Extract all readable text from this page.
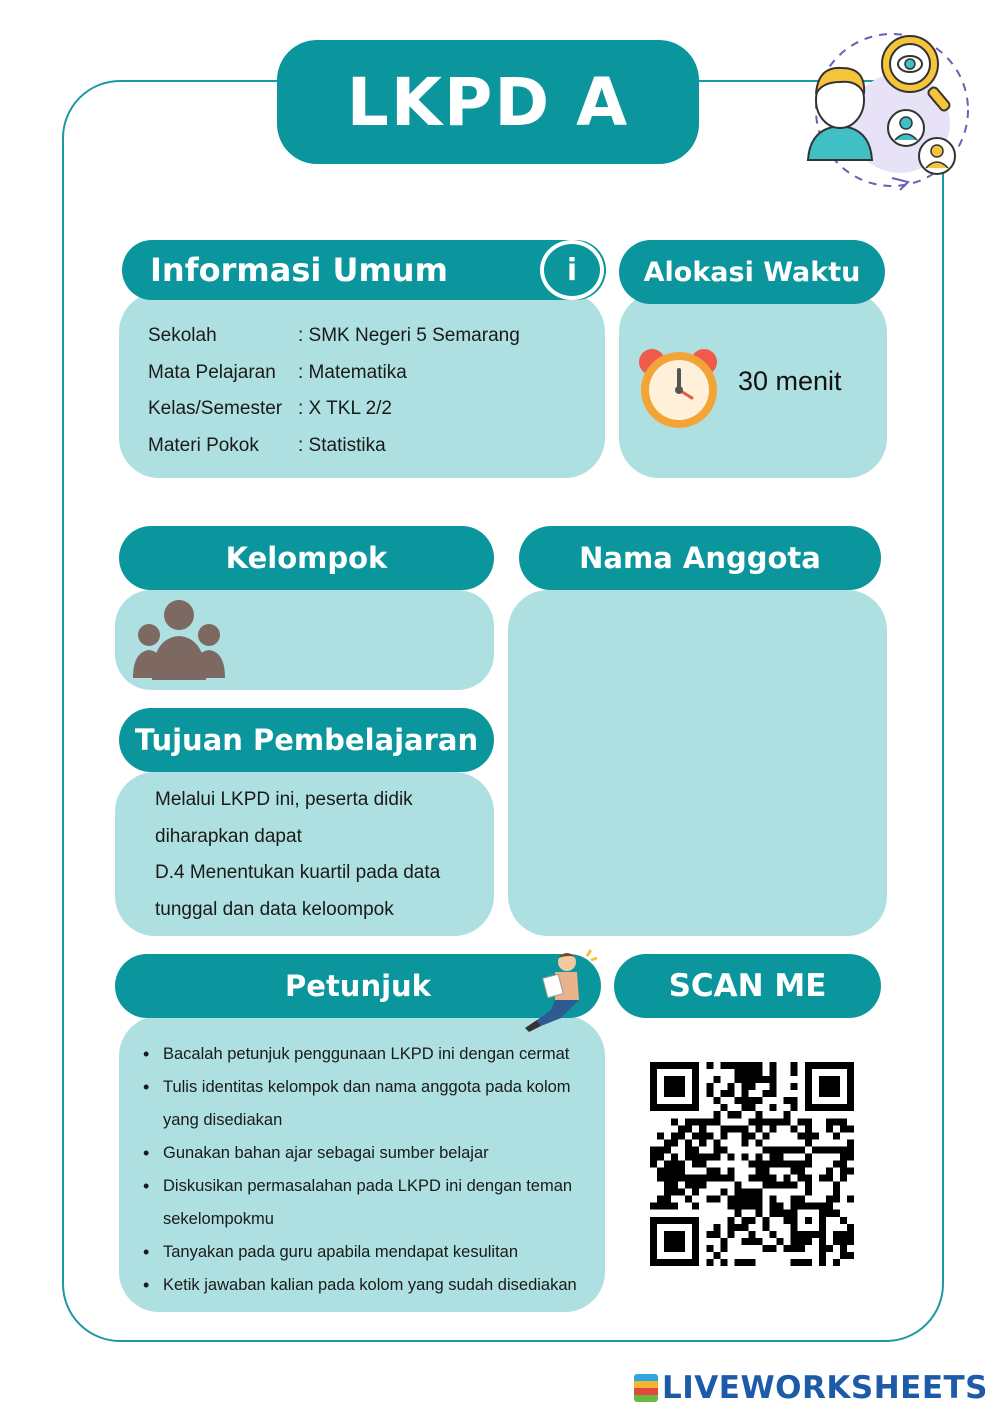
LKPD A
Sekolah	: SMK Negeri 5 Semarang
Mata Pelajaran	: Matematika
Kelas/Semester : X TKL 2/2
Materi Pokok	: Statistika
Informasi Umum	i Alokasi Waktu
30 menit
Kelompok	Nama Anggota
Melalui LKPD ini, peserta didik
diharapkan dapat
D.4 Menentukan kuartil pada data
tunggal dan data keloompok
Tujuan Pembelajaran
• Bacalah petunjuk penggunaan LKPD ini dengan cermat
• Tulis identitas kelompok dan nama anggota pada kolom yang disediakan
• Gunakan bahan ajar sebagai sumber belajar
• Diskusikan permasalahan pada LKPD ini dengan teman sekelompokmu
• Tanyakan pada guru apabila mendapat kesulitan
• Ketik jawaban kalian pada kolom yang sudah disediakan
Petunjuk	SCAN ME
LIVEWORKSHEETS
